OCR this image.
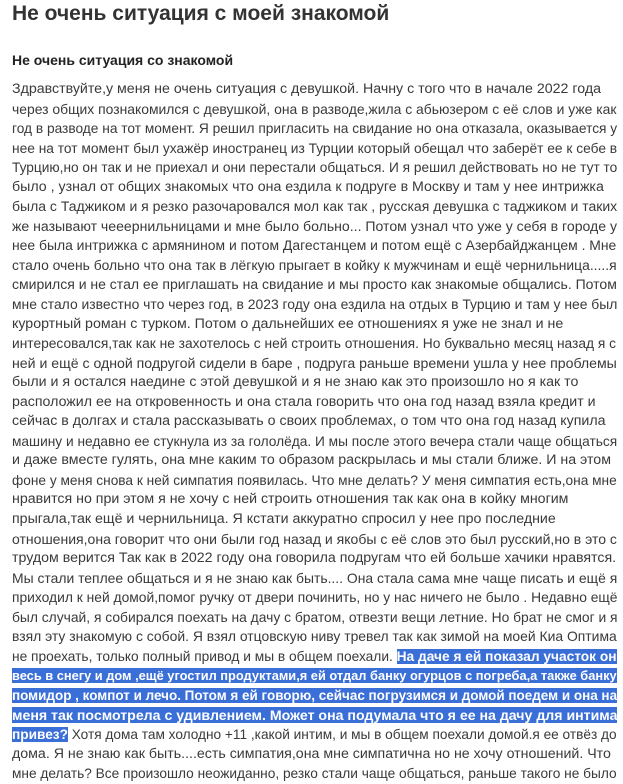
Не очень ситуация с моей знакомой
Не очень ситуация со знакомой
Здравствуйте,у меня не очень ситуация с девушкой. Начну с того что в начале 2022 года
через общих познакомился с девушкой, она в разводе,жила с абьюзером с её слов и уже как
год в разводе на тот момент. Я решил пригласить на свидание но она отказала, оказывается у
нее на тот момент был ухажёр иностранец из Турции который обещал что заберёт ее к себе в
Турцию,но он так и не приехал и они перестали общаться. И я решил действовать но не тут то
было , узнал от общих знакомых что она ездила к подруге в Москву и там у нее интрижка
была с Таджиком и я резко разочаровался мол как так , русская девушка с таджиком и таких
же называют чееернильницами и мне было больно... Потом узнал что уже у себя в городе у
нее была интрижка с армянином и потом Дагестанцем и потом ещё с Азербайджанцем . Мне
стало очень больно что она так в лёгкую прыгает в койку к мужчинам и ещё чернильница.....я
смирился и не стал ее приглашать на свидание и мы просто как знакомые общались. Потом
мне стало известно что через год, в 2023 году она ездила на отдых в Турцию и там у нее был
курортный роман с турком. Потом о дальнейших ее отношениях я уже не знал и не
интересовался,так как не захотелось с ней строить отношения. Но буквально месяц назад я с
ней и ещё с одной подругой сидели в баре , подруга раньше времени ушла у нее проблемы
были и я остался наедине с этой девушкой и я не знаю как это произошло но я как то
расположил ее на откровенность и она стала говорить что она год назад взяла кредит и
сейчас в долгах и стала рассказывать о своих проблемах, о том что она год назад купила
машину и недавно ее стукнула из за гололёда. И мы после этого вечера стали чаще общаться
и даже вместе гулять, она мне каким то образом раскрылась и мы стали ближе. И на этом
фоне у меня снова к ней симпатия появилась. Что мне делать? У меня симпатия есть,она мне
нравится но при этом я не хочу с ней строить отношения так как она в койку многим
прыгала,так ещё и чернильница. Я кстати аккуратно спросил у нее про последние
отношения,она говорит что они были год назад и якобы с её слов это был русский,но в это с
трудом верится Так как в 2022 году она говорила подругам что ей больше хачики нравятся.
Мы стали теплее общаться и я не знаю как быть.... Она стала сама мне чаще писать и ещё я
приходил к ней домой,помог ручку от двери починить, но у нас ничего не было . Недавно ещё
был случай, я собирался поехать на дачу с братом, отвезти вещи летние. Но брат не смог и я
взял эту знакомую с собой. Я взял отцовскую ниву тревел так как зимой на моей Киа Оптима
не проехать, только полный привод и мы в общем поехали. На даче я ей показал участок он
весь в снегу и дом ,ещё угостил продуктами,я ей отдал банку огурцов с погреба,а также банку
помидор , компот и лечо. Потом я ей говорю, сейчас погрузимся и домой поедем и она на
меня так посмотрела с удивлением. Может она подумала что я ее на дачу для интима
привез? Хотя дома там холодно +11 ,какой интим, и мы в общем поехали домой.я ее отвёз до
дома. Я не знаю как быть....есть симпатия,она мне симпатична но не хочу отношений. Что
мне делать? Все произошло неожиданно, резко стали чаще общаться, раньше такого не было
